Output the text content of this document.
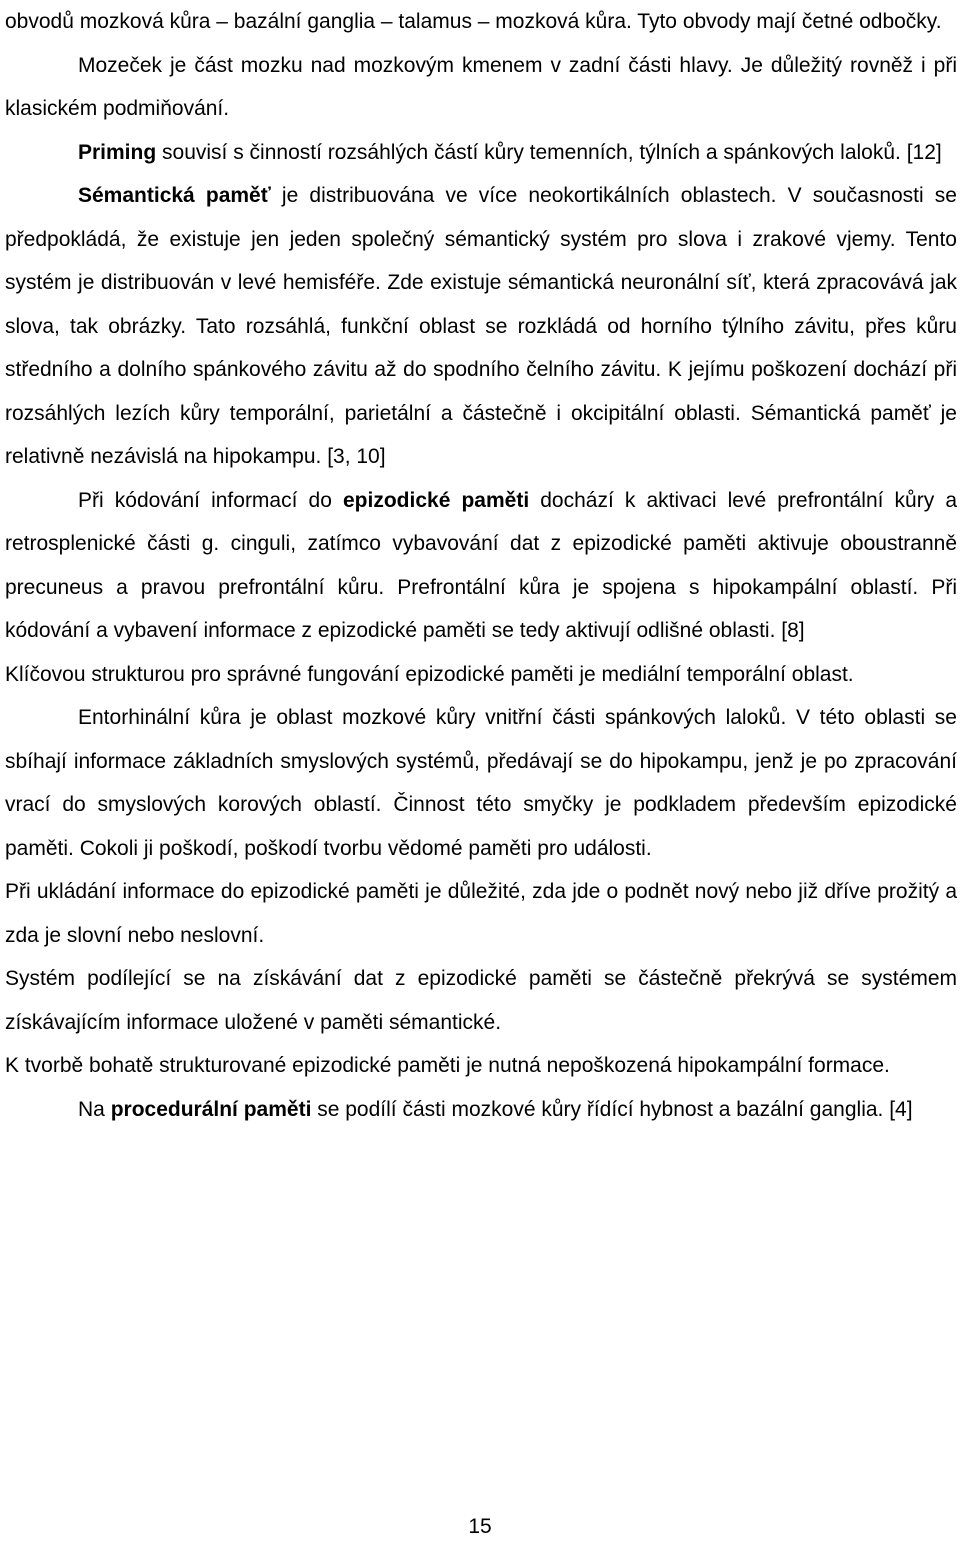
obvodů mozková kůra – bazální ganglia – talamus – mozková kůra. Tyto obvody mají četné odbočky.

Mozeček je část mozku nad mozkovým kmenem v zadní části hlavy. Je důležitý rovněž i při klasickém podmiňování.

Priming souvisí s činností rozsáhlých částí kůry temenních, týlních a spánkových laloků. [12]

Sémantická paměť je distribuována ve více neokortikálních oblastech. V současnosti se předpokládá, že existuje jen jeden společný sémantický systém pro slova i zrakové vjemy. Tento systém je distribuován v levé hemisféře. Zde existuje sémantická neuronální síť, která zpracovává jak slova, tak obrázky. Tato rozsáhlá, funkční oblast se rozkládá od horního týlního závitu, přes kůru středního a dolního spánkového závitu až do spodního čelního závitu. K jejímu poškození dochází při rozsáhlých lezích kůry temporální, parietální a částečně i okcipitální oblasti. Sémantická paměť je relativně nezávislá na hipokampu. [3, 10]

Při kódování informací do epizodické paměti dochází k aktivaci levé prefrontální kůry a retrosplenické části g. cinguli, zatímco vybavování dat z epizodické paměti aktivuje oboustranně precuneus a pravou prefrontální kůru. Prefrontální kůra je spojena s hipokampální oblastí. Při kódování a vybavení informace z epizodické paměti se tedy aktivují odlišné oblasti. [8]

Klíčovou strukturou pro správné fungování epizodické paměti je mediální temporální oblast.

Entorhinální kůra je oblast mozkové kůry vnitřní části spánkových laloků. V této oblasti se sbíhají informace základních smyslových systémů, předávají se do hipokampu, jenž je po zpracování vrací do smyslových korových oblastí. Činnost této smyčky je podkladem především epizodické paměti. Cokoli ji poškodí, poškodí tvorbu vědomé paměti pro události.

Při ukládání informace do epizodické paměti je důležité, zda jde o podnět nový nebo již dříve prožitý a zda je slovní nebo neslovní.

Systém podílející se na získávání dat z epizodické paměti se částečně překrývá se systémem získávajícím informace uložené v paměti sémantické.

K tvorbě bohatě strukturované epizodické paměti je nutná nepoškozená hipokampální formace.

Na procedurální paměti se podílí části mozkové kůry řídící hybnost a bazální ganglia. [4]

15
